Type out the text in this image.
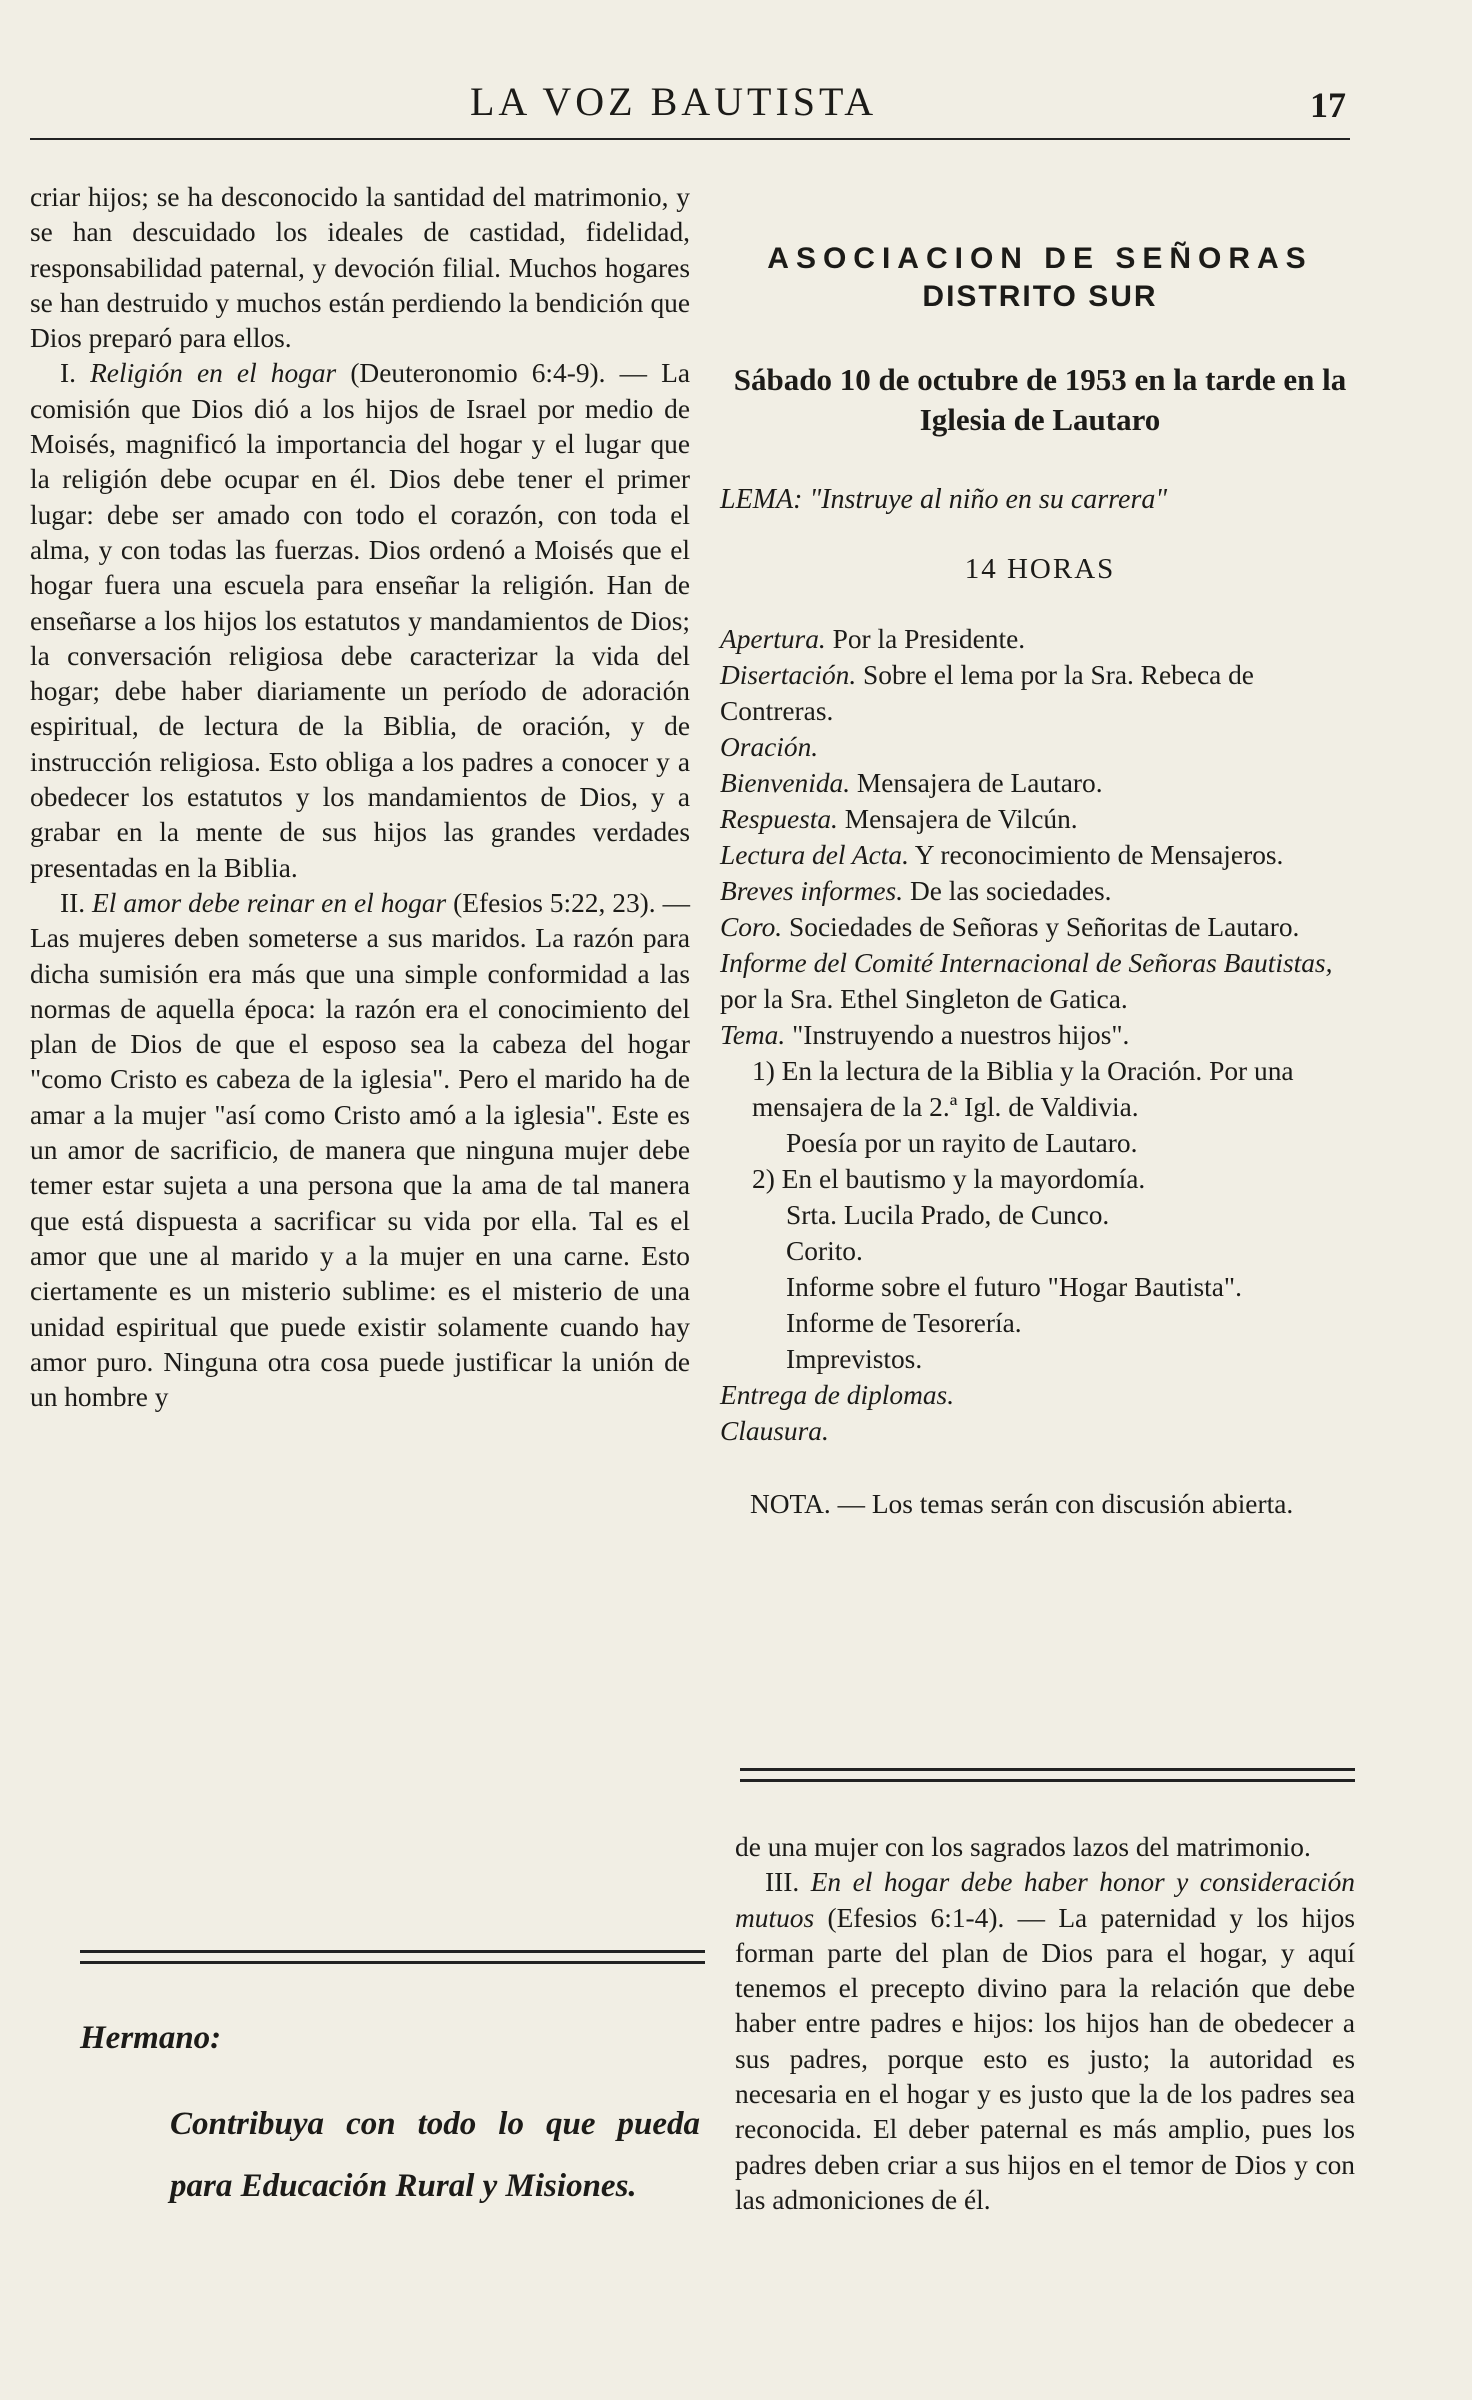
LA VOZ BAUTISTA	17

criar hijos; se ha desconocido la santidad del matrimonio, y se han descuidado los ideales de castidad, fidelidad, responsabilidad paternal, y devoción filial. Muchos hogares se han destruido y muchos están perdiendo la bendición que Dios preparó para ellos.

I. Religión en el hogar (Deuteronomio 6:4-9). — La comisión que Dios dió a los hijos de Israel por medio de Moisés, magnificó la importancia del hogar y el lugar que la religión debe ocupar en él. Dios debe tener el primer lugar: debe ser amado con todo el corazón, con toda el alma, y con todas las fuerzas. Dios ordenó a Moisés que el hogar fuera una escuela para enseñar la religión. Han de enseñarse a los hijos los estatutos y mandamientos de Dios; la conversación religiosa debe caracterizar la vida del hogar; debe haber diariamente un período de adoración espiritual, de lectura de la Biblia, de oración, y de instrucción religiosa. Esto obliga a los padres a conocer y a obedecer los estatutos y los mandamientos de Dios, y a grabar en la mente de sus hijos las grandes verdades presentadas en la Biblia.

II. El amor debe reinar en el hogar (Efesios 5:22, 23). — Las mujeres deben someterse a sus maridos. La razón para dicha sumisión era más que una simple conformidad a las normas de aquella época: la razón era el conocimiento del plan de Dios de que el esposo sea la cabeza del hogar "como Cristo es cabeza de la iglesia". Pero el marido ha de amar a la mujer "así como Cristo amó a la iglesia". Este es un amor de sacrificio, de manera que ninguna mujer debe temer estar sujeta a una persona que la ama de tal manera que está dispuesta a sacrificar su vida por ella. Tal es el amor que une al marido y a la mujer en una carne. Esto ciertamente es un misterio sublime: es el misterio de una unidad espiritual que puede existir solamente cuando hay amor puro. Ninguna otra cosa puede justificar la unión de un hombre y

Hermano:
Contribuya con todo lo que pueda para Educación Rural y Misiones.
ASOCIACION DE SEÑORAS
DISTRITO SUR
Sábado 10 de octubre de 1953 en la tarde en la Iglesia de Lautaro

LEMA: "Instruye al niño en su carrera"

14 HORAS

Apertura. Por la Presidente.

Disertación. Sobre el lema por la Sra. Rebeca de Contreras.

Oración.

Bienvenida. Mensajera de Lautaro.

Respuesta. Mensajera de Vilcún.

Lectura del Acta. Y reconocimiento de Mensajeros.

Breves informes. De las sociedades.

Coro. Sociedades de Señoras y Señoritas de Lautaro.

Informe del Comité Internacional de Señoras Bautistas, por la Sra. Ethel Singleton de Gatica.

Tema. "Instruyendo a nuestros hijos".

1) En la lectura de la Biblia y la Oración. Por una mensajera de la 2.ª Igl. de Valdivia.

Poesía por un rayito de Lautaro.

2) En el bautismo y la mayordomía.

Srta. Lucila Prado, de Cunco.

Corito.

Informe sobre el futuro "Hogar Bautista".

Informe de Tesorería.

Imprevistos.

Entrega de diplomas.

Clausura.

NOTA. — Los temas serán con discusión abierta.

de una mujer con los sagrados lazos del matrimonio.

III. En el hogar debe haber honor y consideración mutuos (Efesios 6:1-4). — La paternidad y los hijos forman parte del plan de Dios para el hogar, y aquí tenemos el precepto divino para la relación que debe haber entre padres e hijos: los hijos han de obedecer a sus padres, porque esto es justo; la autoridad es necesaria en el hogar y es justo que la de los padres sea reconocida. El deber paternal es más amplio, pues los padres deben criar a sus hijos en el temor de Dios y con las admoniciones de él.
